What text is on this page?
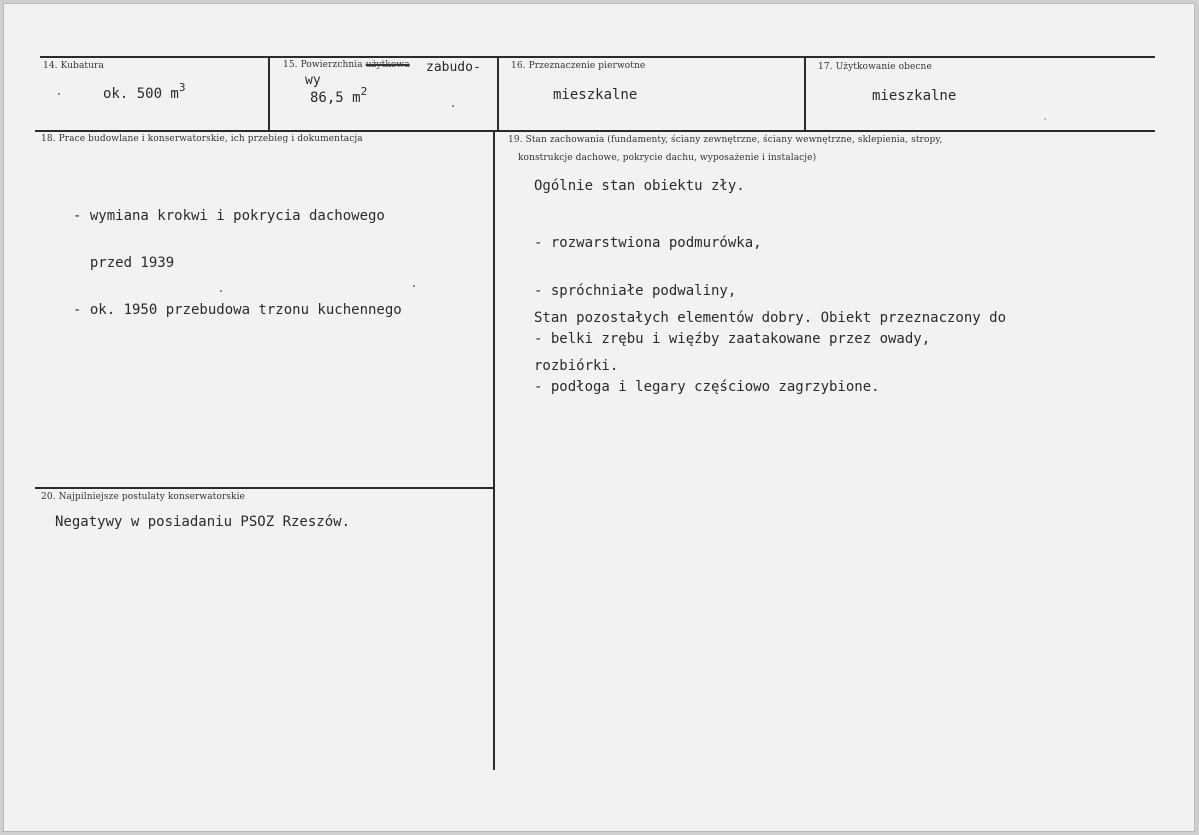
14. Kubatura
ok. 500 $m^3$
15. Powierzchnia użytkowa zabudo-
wy
86,5 $m^2$
16. Przeznaczenie pierwotne
mieszkalne
17. Użytkowanie obecne
mieszkalne
18. Prace budowlane i konserwatorskie, ich przebieg i dokumentacja

- wymiana krokwi i pokrycia dachowego

przed 1939

- ok. 1950 przebudowa trzonu kuchennego

19. Stan zachowania (fundamenty, ściany zewnętrzne, ściany wewnętrzne, sklepienia, stropy,
konstrukcje dachowe, pokrycie dachu, wyposażenie i instalacje)
Ogólnie stan obiektu zły.

- rozwarstwiona podmurówka,

- spróchniałe podwaliny,

- belki zrębu i więźby zaatakowane przez owady,

- podłoga i legary częściowo zagrzybione.

Stan pozostałych elementów dobry. Obiekt przeznaczony do

rozbiórki.

20. Najpilniejsze postulaty konserwatorskie
Negatywy w posiadaniu PSOZ Rzeszów.
